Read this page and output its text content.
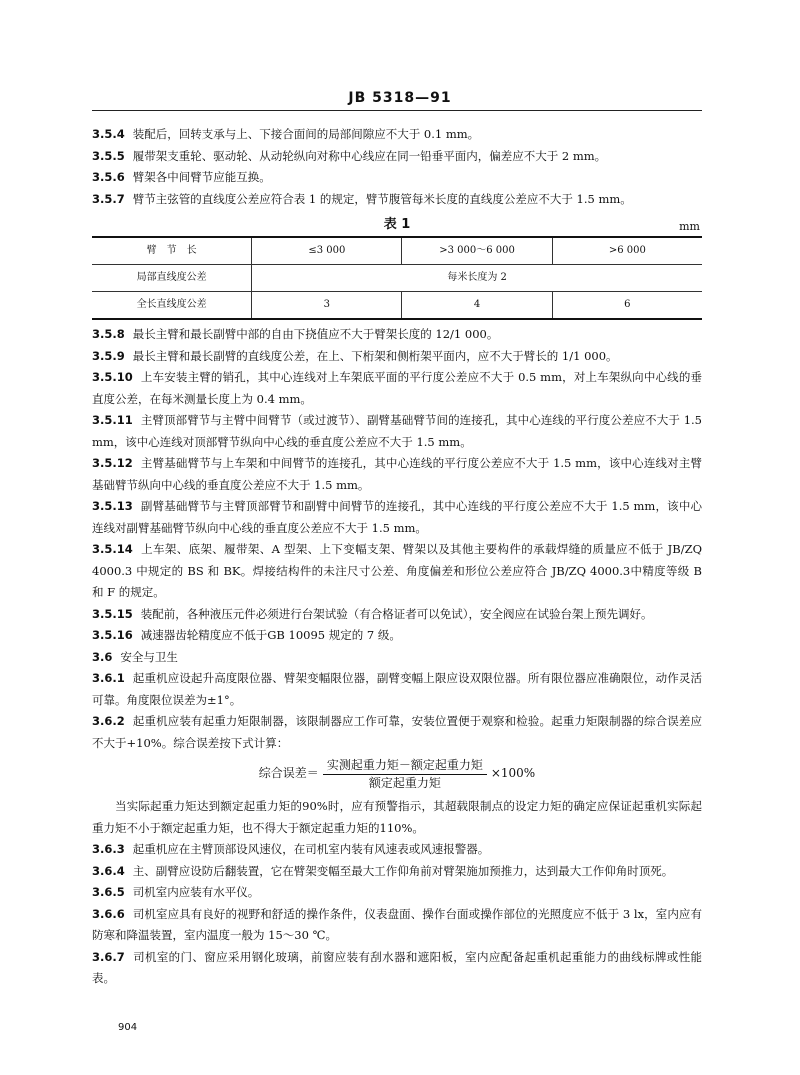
JB 5318—91

3.5.4 装配后，回转支承与上、下接合面间的局部间隙应不大于 0.1 mm。

3.5.5 履带架支重轮、驱动轮、从动轮纵向对称中心线应在同一铅垂平面内，偏差应不大于 2 mm。

3.5.6 臂架各中间臂节应能互换。

3.5.7 臂节主弦管的直线度公差应符合表 1 的规定，臂节腹管每米长度的直线度公差应不大于 1.5 mm。

表 1	mm
臂　节　长	≤3 000	>3 000～6 000	>6 000
局部直线度公差	每米长度为 2		
全长直线度公差	3	4	6

3.5.8 最长主臂和最长副臂中部的自由下挠值应不大于臂架长度的 12/1 000。

3.5.9 最长主臂和最长副臂的直线度公差，在上、下桁架和侧桁架平面内，应不大于臂长的 1/1 000。

3.5.10 上车安装主臂的销孔，其中心连线对上车架底平面的平行度公差应不大于 0.5 mm，对上车架纵向中心线的垂直度公差，在每米测量长度上为 0.4 mm。

3.5.11 主臂顶部臂节与主臂中间臂节（或过渡节）、副臂基础臂节间的连接孔，其中心连线的平行度公差应不大于 1.5 mm，该中心连线对顶部臂节纵向中心线的垂直度公差应不大于 1.5 mm。

3.5.12 主臂基础臂节与上车架和中间臂节的连接孔，其中心连线的平行度公差应不大于 1.5 mm，该中心连线对主臂基础臂节纵向中心线的垂直度公差应不大于 1.5 mm。

3.5.13 副臂基础臂节与主臂顶部臂节和副臂中间臂节的连接孔，其中心连线的平行度公差应不大于 1.5 mm，该中心连线对副臂基础臂节纵向中心线的垂直度公差应不大于 1.5 mm。

3.5.14 上车架、底架、履带架、A 型架、上下变幅支架、臂架以及其他主要构件的承载焊缝的质量应不低于 JB/ZQ 4000.3 中规定的 BS 和 BK。焊接结构件的未注尺寸公差、角度偏差和形位公差应符合 JB/ZQ 4000.3中精度等级 B 和 F 的规定。

3.5.15 装配前，各种液压元件必须进行台架试验（有合格证者可以免试），安全阀应在试验台架上预先调好。

3.5.16 减速器齿轮精度应不低于GB 10095 规定的 7 级。

3.6 安全与卫生

3.6.1 起重机应设起升高度限位器、臂架变幅限位器，副臂变幅上限应设双限位器。所有限位器应准确限位，动作灵活可靠。角度限位误差为±1°。

3.6.2 起重机应装有起重力矩限制器，该限制器应工作可靠，安装位置便于观察和检验。起重力矩限制器的综合误差应不大于+10%。综合误差按下式计算：

综合误差＝ $\frac{\text{实测起重力矩－额定起重力矩}}{\text{额定起重力矩}} \times 100\%$

当实际起重力矩达到额定起重力矩的90%时，应有预警指示，其超载限制点的设定力矩的确定应保证起重机实际起重力矩不小于额定起重力矩，也不得大于额定起重力矩的110%。

3.6.3 起重机应在主臂顶部设风速仪，在司机室内装有风速表或风速报警器。

3.6.4 主、副臂应设防后翻装置，它在臂架变幅至最大工作仰角前对臂架施加预推力，达到最大工作仰角时顶死。

3.6.5 司机室内应装有水平仪。

3.6.6 司机室应具有良好的视野和舒适的操作条件，仪表盘面、操作台面或操作部位的光照度应不低于 3 lx，室内应有防寒和降温装置，室内温度一般为 15～30 ℃。

3.6.7 司机室的门、窗应采用钢化玻璃，前窗应装有刮水器和遮阳板，室内应配备起重机起重能力的曲线标牌或性能表。

904
